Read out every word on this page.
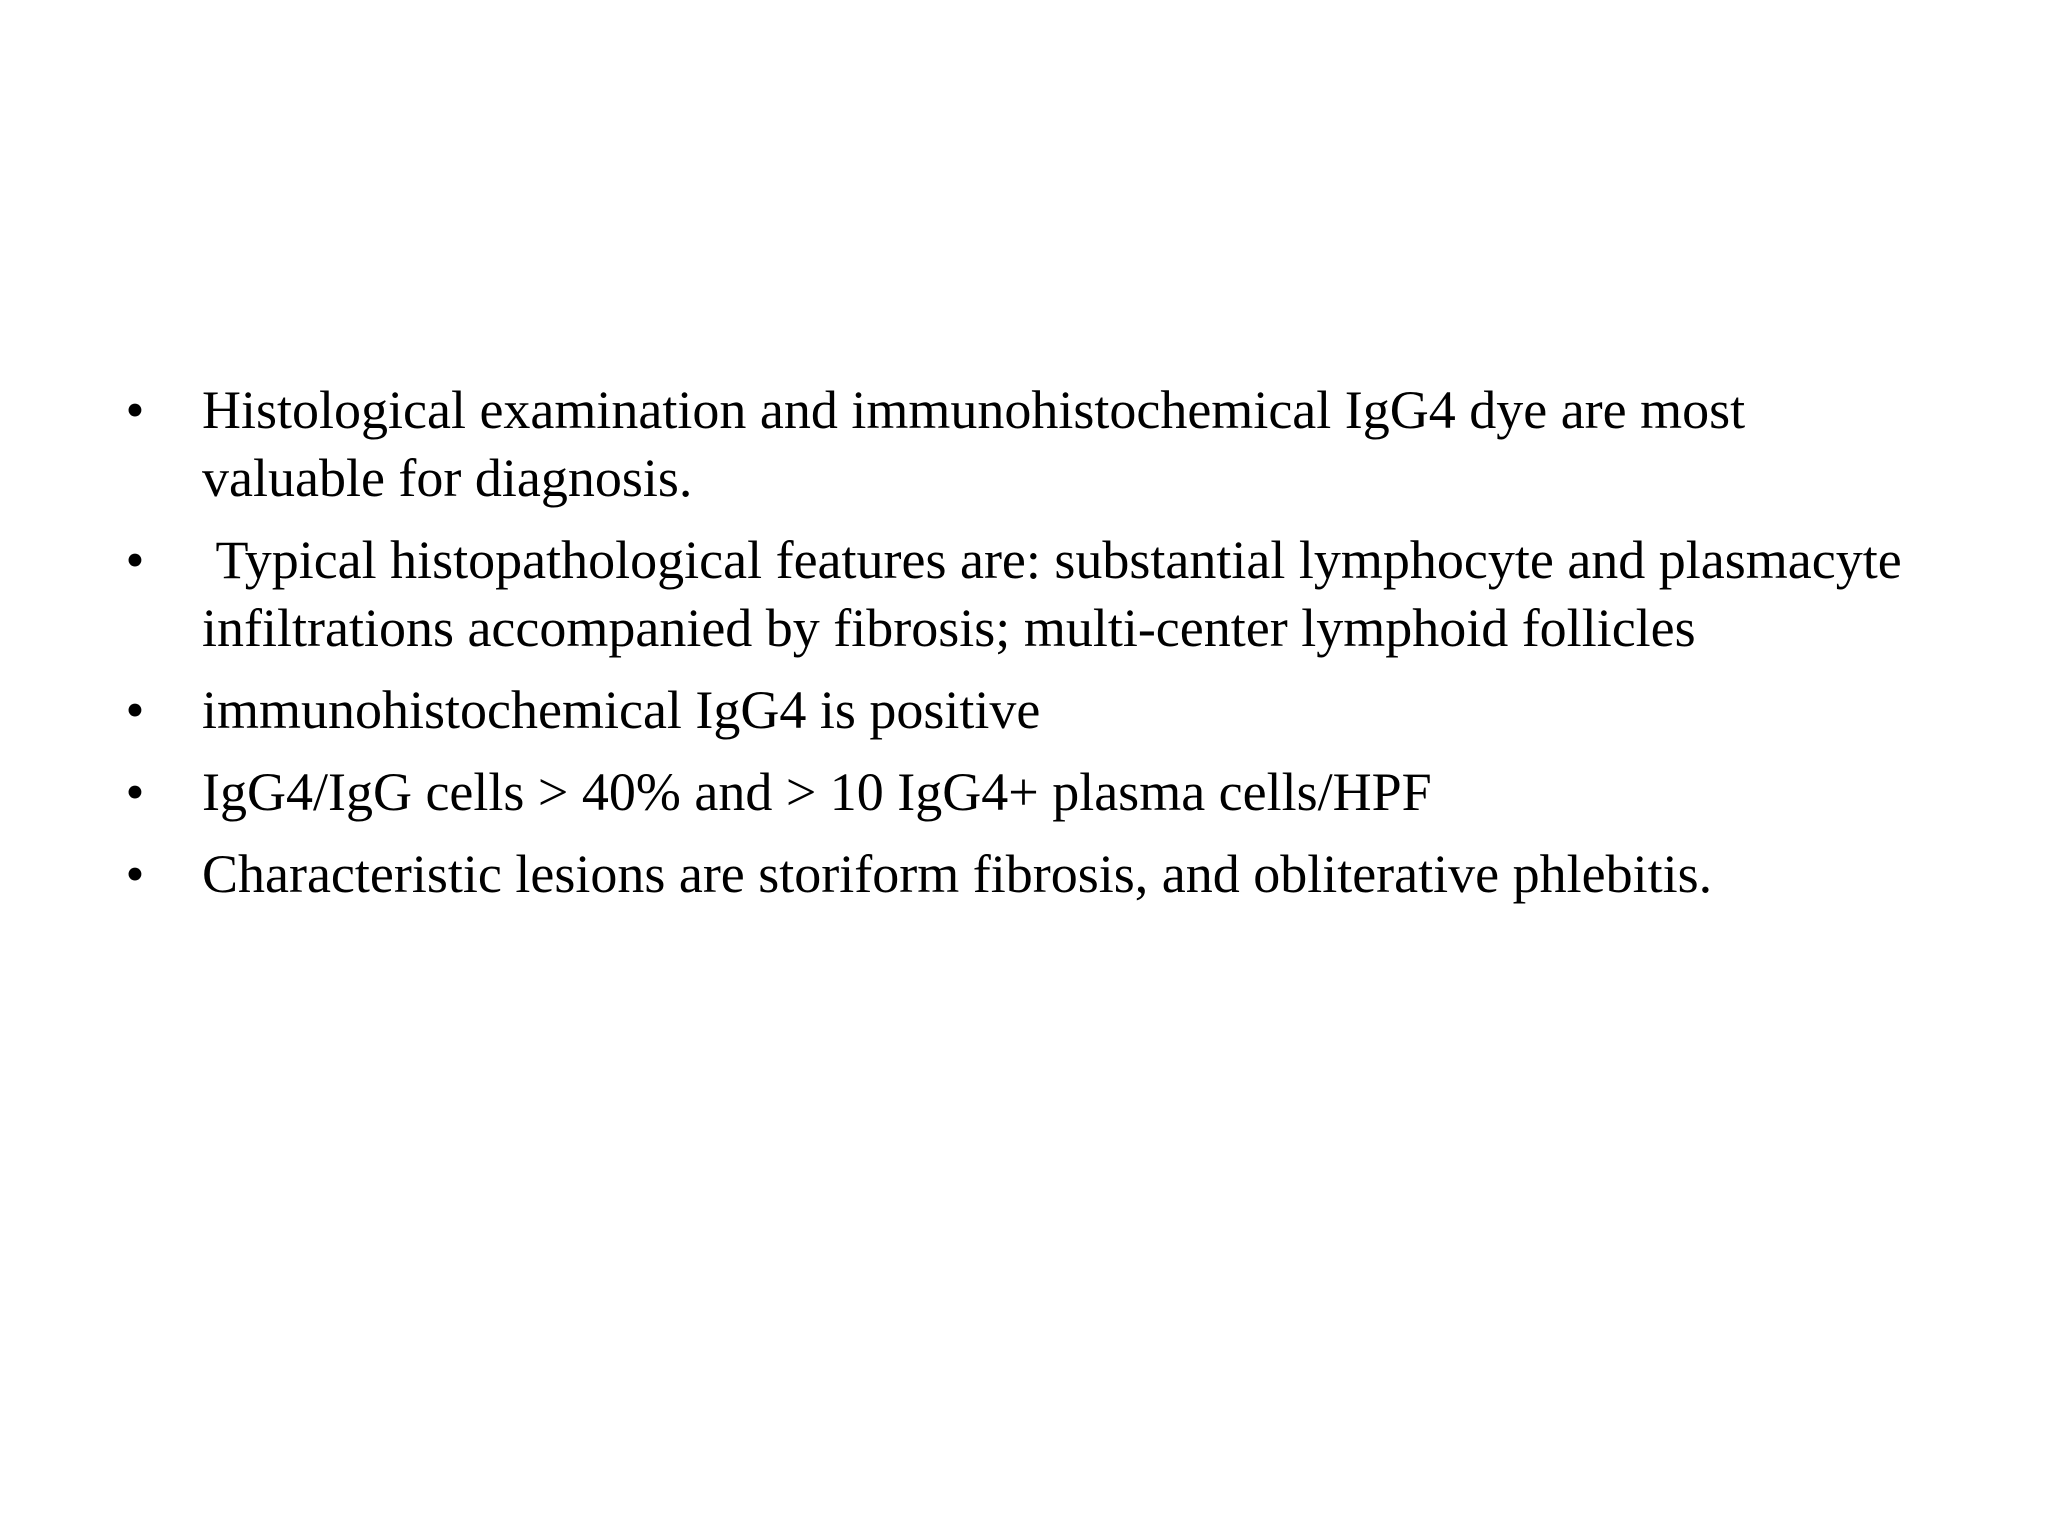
• Histological examination and immunohistochemical IgG4 dye are most valuable for diagnosis.
• Typical histopathological features are: substantial lymphocyte and plasmacyte infiltrations accompanied by fibrosis; multi-center lymphoid follicles
• immunohistochemical IgG4 is positive
• IgG4/IgG cells > 40% and > 10 IgG4+ plasma cells/HPF
• Characteristic lesions are storiform fibrosis, and obliterative phlebitis.
